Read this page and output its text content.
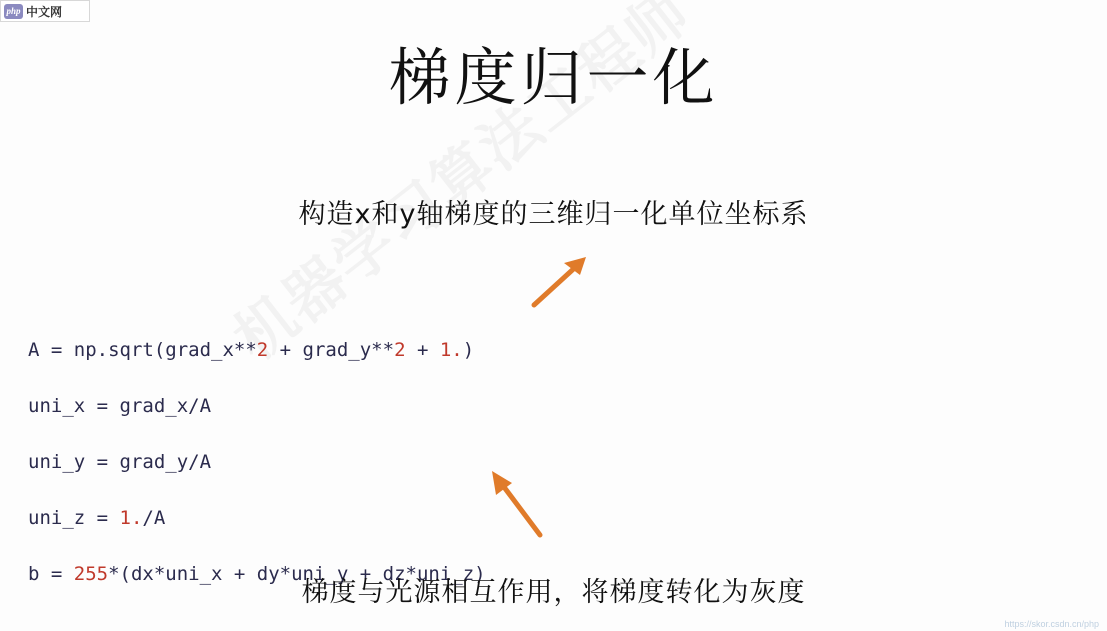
php 中文网
梯度归一化
构造x和y轴梯度的三维归一化单位坐标系

A = np.sqrt(grad_x**2 + grad_y**2 + 1.)

uni_x = grad_x/A

uni_y = grad_y/A

uni_z = 1./A

b = 255*(dx*uni_x + dy*uni_y + dz*uni_z)

梯度与光源相互作用，将梯度转化为灰度
https://skor.csdn.cn/php
